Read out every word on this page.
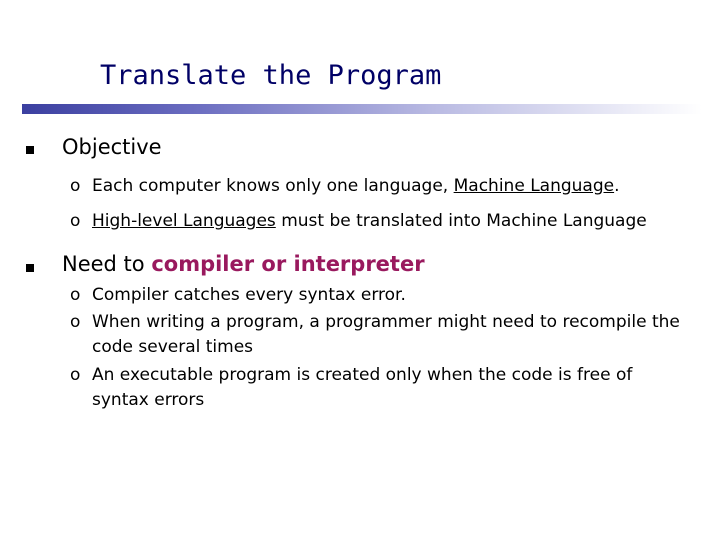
Translate the Program
Objective
o Each computer knows only one language, Machine Language.
o High-level Languages must be translated into Machine Language
Need to compiler or interpreter
o Compiler catches every syntax error.
o When writing a program, a programmer might need to recompile the code several times
o An executable program is created only when the code is free of syntax errors
